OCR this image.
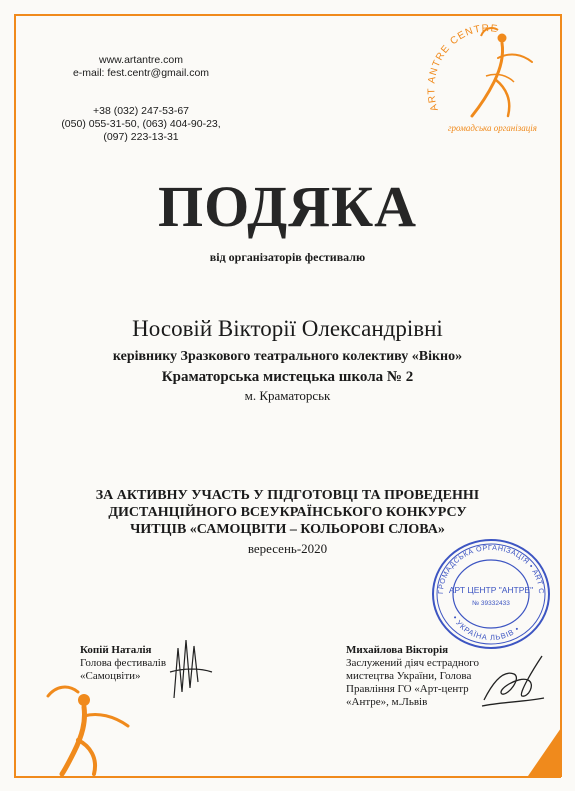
www.artantre.com
e-mail: fest.centr@gmail.com
+38 (032) 247-53-67
(050) 055-31-50, (063) 404-90-23,
(097) 223-13-31
ART ANTRE CENTRE
громадська організація
ПОДЯКА
від організаторів фестивалю
Носовій Вікторії Олександрівні
керівнику Зразкового театрального колективу «Вікно»
Краматорська мистецька школа № 2
м. Краматорськ
ЗА АКТИВНУ УЧАСТЬ У ПІДГОТОВЦІ ТА ПРОВЕДЕННІ
ДИСТАНЦІЙНОГО ВСЕУКРАЇНСЬКОГО КОНКУРСУ
ЧИТЦІВ «САМОЦВІТИ – КОЛЬОРОВІ СЛОВА»
вересень-2020
ГРОМАДСЬКА ОРГАНІЗАЦІЯ • ART C
• УКРАЇНА ЛЬВІВ •
АРТ ЦЕНТР "АНТРЕ"
№ 39332433
Копій Наталія
Голова фестивалів
«Самоцвіти»
Михайлова Вікторія
Заслужений діяч естрадного
мистецтва України, Голова
Правління ГО «Арт-центр
«Антре», м.Львів
